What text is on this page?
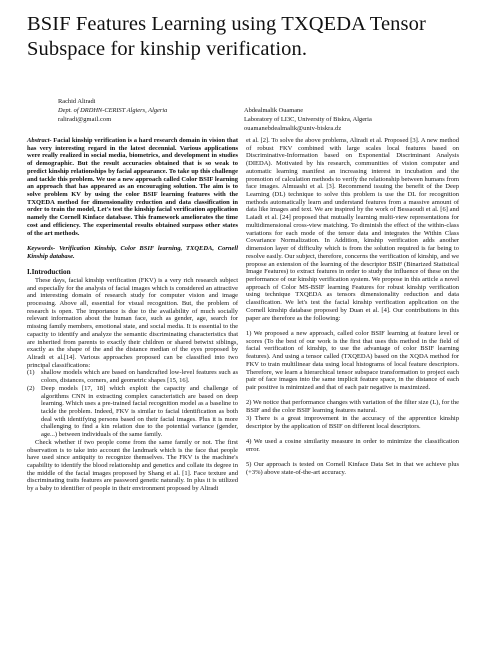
BSIF Features Learning using TXQEDA Tensor Subspace for kinship verification.
Rachid Aliradi
Dept. of DRDHN-CERIST Algiers, Algeria
raliradi@gmail.com
Abdealmalik Ouamane
Laboratory of LI3C, University of Biskra, Algeria
ouamanebdealmalik@univ-biskra.dz

Abstract- Facial kinship verification is a hard research domain in vision that has very interesting regard in the latest decennial. Various applications were really realized in social media, biometrics, and development in studies of demographic. But the result accuracies obtained that is so weak to predict kinship relationships by facial appearance. To take up this challenge and tackle this problem. We use a new approach called Color BSIF learning an approach that has appeared as an encouraging solution. The aim is to solve problem KV by using the color BSIF learning features with the TXQEDA method for dimensionality reduction and data classification in order to train the model, Let's test the kinship facial verification application namely the Cornell Kinface database. This framework ameliorates the time cost and efficiency. The experimental results obtained surpass other states of the art methods.

Keywords- Verification Kinship, Color BSIF learning, TXQEDA, Cornell Kinship database.

I.Introduction

These days, facial kinship verification (FKV) is a very rich research subject and especially for the analysis of facial images which is considered an attractive and interesting domain of research study for computer vision and image processing. Above all, essential for visual recognition. But, the problem of research is open. The importance is due to the availability of much socially relevant information about the human face, such as gender, age, search for missing family members, emotional state, and social media. It is essential to the capacity to identify and analyze the semantic discriminating characteristics that are inherited from parents to exactly their children or shared betwixt siblings, exactly as the shape of the and the distance median of the eyes proposed by Aliradi et al.[14]. Various approaches proposed can be classified into two principal classifications:

(1) shallow models which are based on handcrafted low-level features such as colors, distances, corners, and geometric shapes [15, 16].
(2) Deep models [17, 18] which exploit the capacity and challenge of algorithms CNN in extracting complex caracteristich are based on deep learning. Which uses a pre-trained facial recognition model as a baseline to tackle the problem. Indeed, FKV is similar to facial identification as both deal with identifying persons based on their facial images. Plus it is more challenging to find a kin relation due to the potential variance (gender, age...) between individuals of the same family.

Check whether if two people come from the same family or not. The first observation is to take into account the landmark which is the face that people have used since antiquity to recognize themselves. The FKV is the machine's capability to identify the blood relationship and genetics and collate its degree in the middle of the facial images proposed by Shang et al. [1]. Face texture and discriminating traits features are password genetic naturally. In plus it is utilized by a baby to identifier of people in their environment proposed by Aliradi

et al. [2]. To solve the above problems, Aliradi et al. Proposed [3]. A new method of robust FKV combined with large scales local features based on Discriminative-Information based on Exponential Discriminant Analysis (DIEDA). Motivated by his research, communities of vision computer and automatic learning manifest an increasing interest in incubation and the promotion of calculation methods to verify the relationship between humans from face images. Almuashi et al. [3]. Recommend issuing the benefit of the Deep Learning (DL) technique to solve this problem is use the DL for recognition methods automatically learn and understand features from a massive amount of data like images and text. We are inspired by the work of Bessaoudi et al. [6] and Laiadi et al. [24] proposed that mutually learning multi-view representations for multidimensional cross-view matching. To diminish the effect of the within-class variations for each mode of the tensor data and integrates the Within Class Covariance Normalization. In Addition, kinship verification adds another dimension layer of difficulty which is from the solution required is far being to resolve easily. Our subject, therefore, concerns the verification of kinship, and we propose an extension of the learning of the descriptor BSIF (Binarized Statistical Image Features) to extract features in order to study the influence of these on the performance of our kinship verification system. We propose in this article a novel approach of Color MS-BSIF learning Features for robust kinship verification using technique TXQEDA as tensors dimensionality reduction and data classification. We let's test the facial kinship verification application on the Cornell kinship database proposed by Duan et al. [4]. Our contributions in this paper are therefore as the following:

1) We proposed a new approach, called color BSIF learning at feature level or scores (To the best of our work is the first that uses this method in the field of facial verification of kinship, to use the advantage of color BSIF learning features). And using a tensor called (TXQEDA) based on the XQDA method for FKV to train multilinear data using local histograms of local feature descriptors. Therefore, we learn a hierarchical tensor subspace transformation to project each pair of face images into the same implicit feature space, in the distance of each pair positive is minimized and that of each pair negative is maximized.

2) We notice that performance changes with variation of the filter size (L), for the BSIF and the color BSIF learning features natural.

3) There is a great improvement in the accuracy of the apprentice kinship descriptor by the application of BSIF on different local descriptors.

4) We used a cosine similarity measure in order to minimize the classification error.

5) Our approach is tested on Cornell Kinface Data Set in that we achieve plus (+3%) above state-of-the-art accuracy.
